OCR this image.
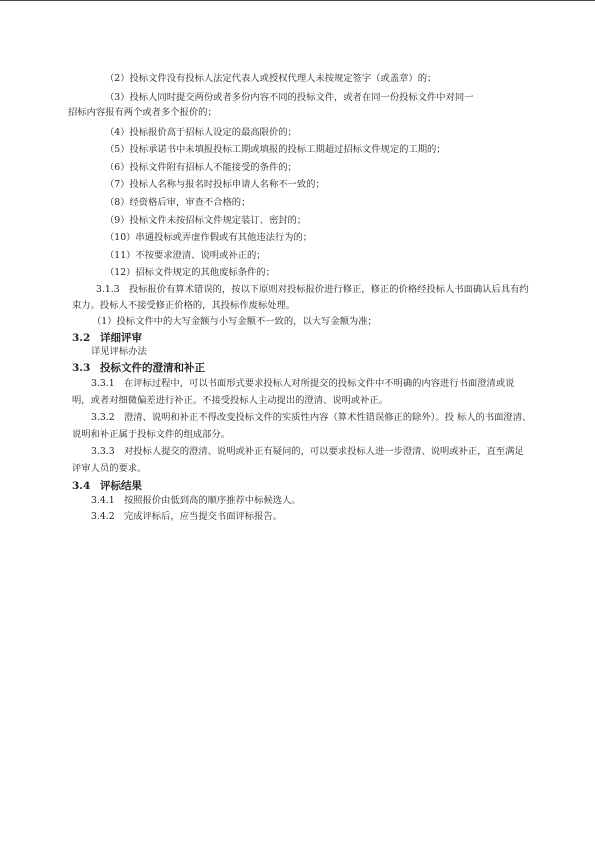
（2）投标文件没有投标人法定代表人或授权代理人未按规定签字（或盖章）的；
（3）投标人同时提交两份或者多份内容不同的投标文件，或者在同一份投标文件中对同一
招标内容报有两个或者多个报价的；
（4）投标报价高于招标人设定的最高限价的；
（5）投标承诺书中未填报投标工期或填报的投标工期超过招标文件规定的工期的；
（6）投标文件附有招标人不能接受的条件的；
（7）投标人名称与报名时投标申请人名称不一致的；
（8）经资格后审，审查不合格的；
（9）投标文件未按招标文件规定装订、密封的；
（10）串通投标或弄虚作假或有其他违法行为的；
（11）不按要求澄清、说明或补正的；
（12）招标文件规定的其他废标条件的；
3.1.3　投标报价有算术错误的，按以下原则对投标报价进行修正，修正的价格经投标人书面确认后具有约束力。投标人不接受修正价格的，其投标作废标处理。
（1）投标文件中的大写金额与小写金额不一致的，以大写金额为准；
3.2 详细评审
详见评标办法
3.3 投标文件的澄清和补正
3.3.1　在评标过程中，可以书面形式要求投标人对所提交的投标文件中不明确的内容进行书面澄清或说明，或者对细微偏差进行补正。不接受投标人主动提出的澄清、说明或补正。
3.3.2　澄清、说明和补正不得改变投标文件的实质性内容（算术性错误修正的除外）。投 标人的书面澄清、说明和补正属于投标文件的组成部分。
3.3.3　对投标人提交的澄清、说明或补正有疑问的，可以要求投标人进一步澄清、说明或补正，直至满足评审人员的要求。
3.4 评标结果
3.4.1　按照报价由低到高的顺序推荐中标候选人。
3.4.2　完成评标后，应当提交书面评标报告。
